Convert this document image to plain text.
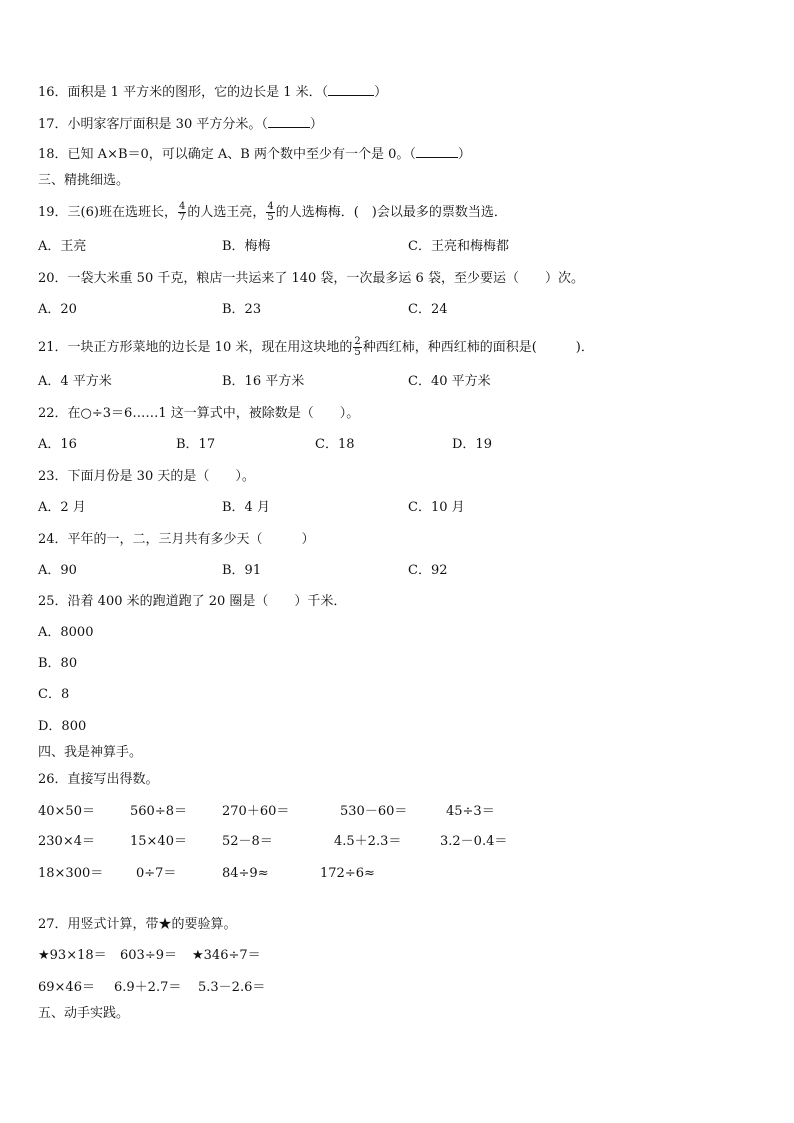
16．面积是 1 平方米的图形，它的边长是 1 米．（	）
17．小明家客厅面积是 30 平方分米。（	）
18．已知 A×B＝0，可以确定 A、B 两个数中至少有一个是 0。（	）
三、精挑细选。
19．三(6)班在选班长， $\frac{4}{7}$ 的人选王亮， $\frac{4}{5}$ 的人选梅梅．(　)会以最多的票数当选．
A．王亮	B．梅梅	C．王亮和梅梅都
20．一袋大米重 50 千克，粮店一共运来了 140 袋，一次最多运 6 袋，至少要运（　　）次。
A．20	B．23	C．24
21．一块正方形菜地的边长是 10 米，现在用这块地的 $\frac{2}{5}$ 种西红柿，种西红柿的面积是(　　　)．
A．4 平方米	B．16 平方米	C．40 平方米
22．在○÷3＝6……1 这一算式中，被除数是（　　）。
A．16	B．17	C．18	D．19
23．下面月份是 30 天的是（　　）。
A．2 月	B．4 月	C．10 月
24．平年的一，二，三月共有多少天（　　　）
A．90	B．91	C．92
25．沿着 400 米的跑道跑了 20 圈是（　　）千米．
A．8000
B．80
C．8
D．800
四、我是神算手。
26．直接写出得数。
40×50＝	560÷8＝	270＋60＝	530－60＝	45÷3＝
230×4＝	15×40＝	52－8＝	4.5＋2.3＝	3.2－0.4＝
18×300＝	0÷7＝	84÷9≈	172÷6≈
27．用竖式计算，带★的要验算。
★93×18＝ 603÷9＝ ★346÷7＝
69×46＝ 6.9＋2.7＝ 5.3－2.6＝
五、动手实践。
